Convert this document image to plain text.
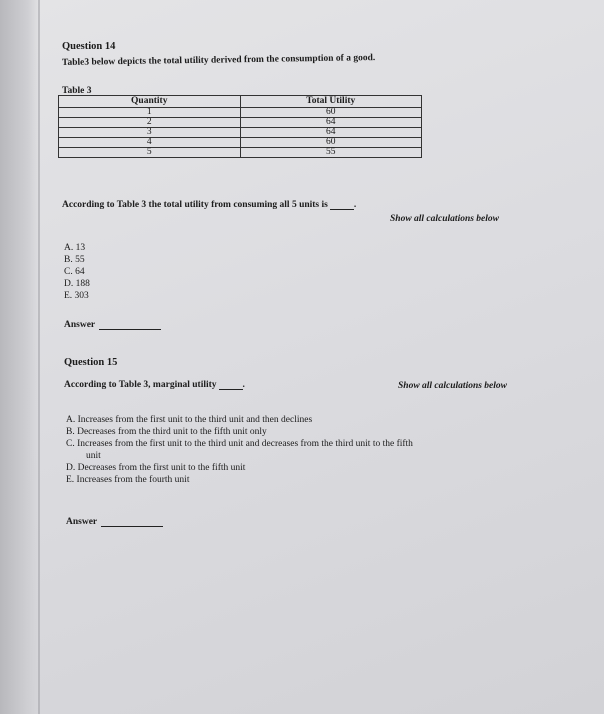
Question 14
Table3 below depicts the total utility derived from the consumption of a good.
Table 3
Quantity	Total Utility
1	60
2	64
3	64
4	60
5	55
According to Table 3 the total utility from consuming all 5 units is	.
Show all calculations below
A. 13
B. 55
C. 64
D. 188
E. 303
Answer
Question 15
According to Table 3, marginal utility	.	Show all calculations below
A. Increases from the first unit to the third unit and then declines
B. Decreases from the third unit to the fifth unit only
C. Increases from the first unit to the third unit and decreases from the third unit to the fifth
unit
D. Decreases from the first unit to the fifth unit
E. Increases from the fourth unit
Answer
